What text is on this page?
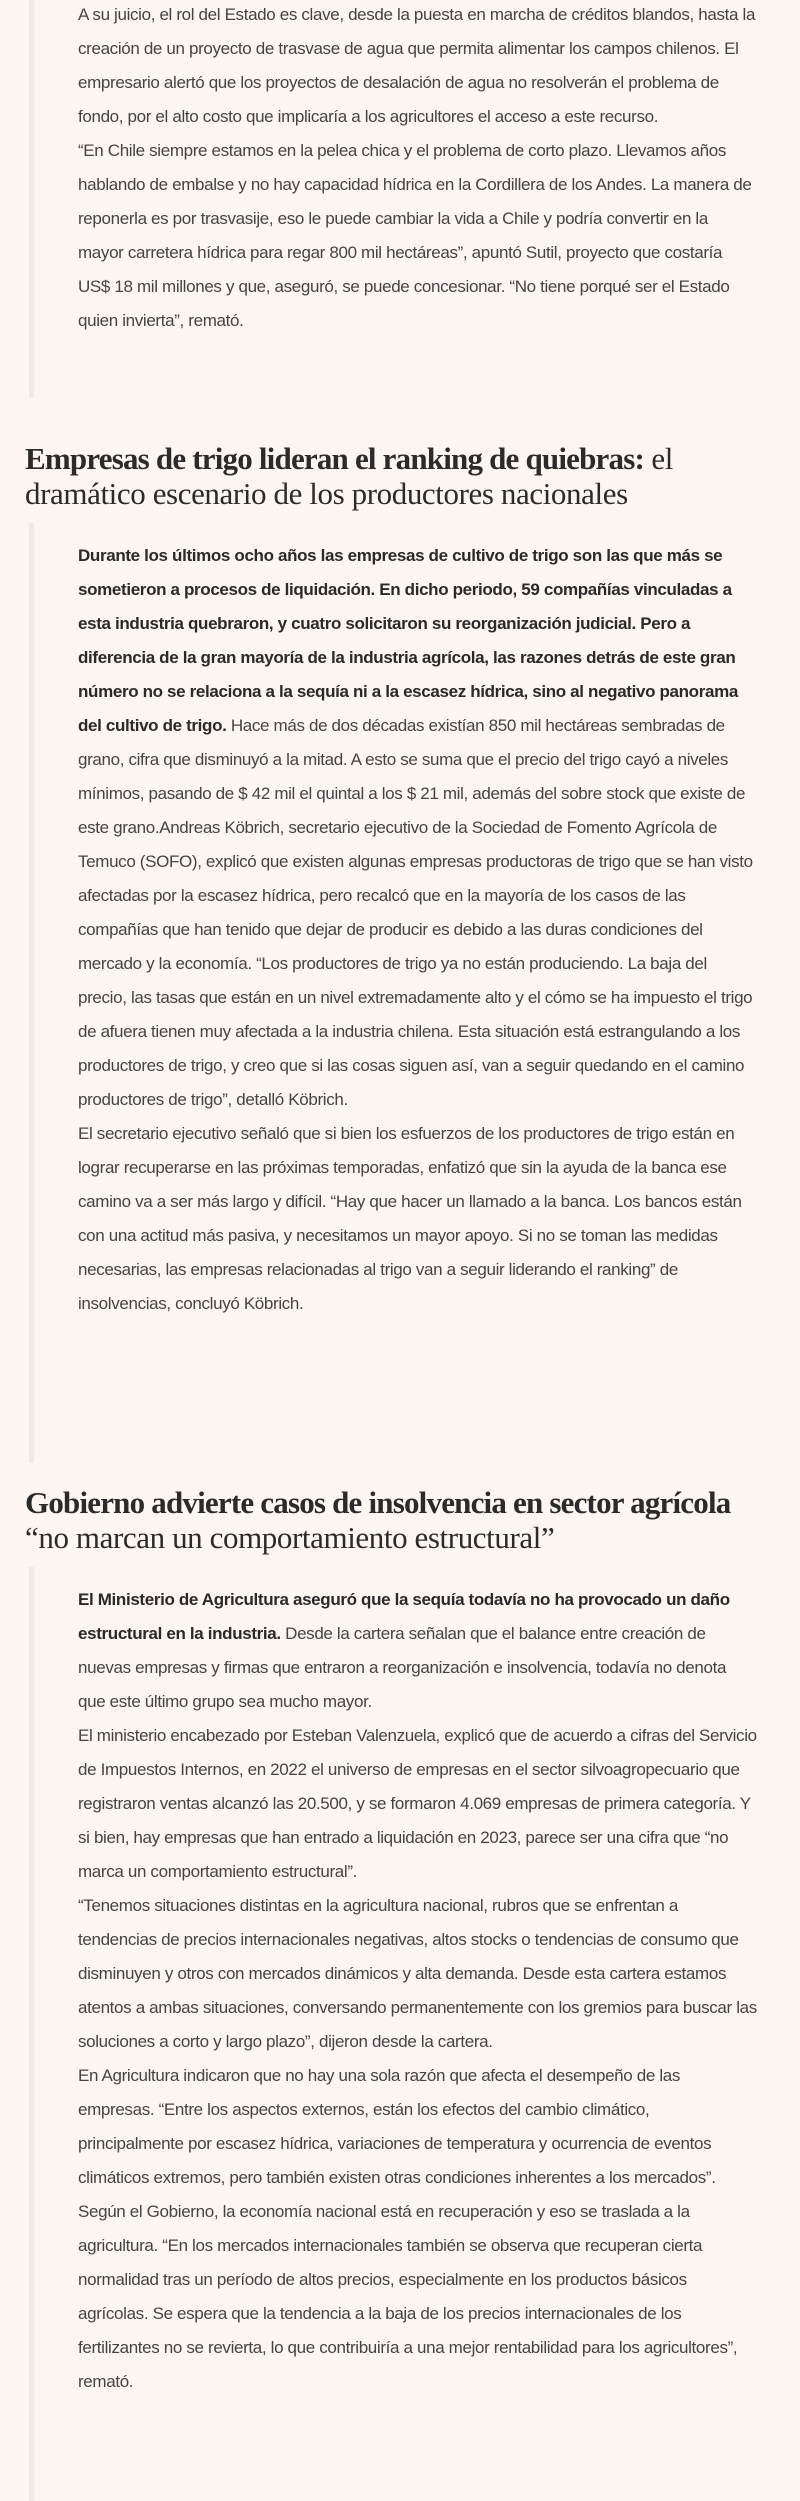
A su juicio, el rol del Estado es clave, desde la puesta en marcha de créditos blandos, hasta la creación de un proyecto de trasvase de agua que permita alimentar los campos chilenos. El empresario alertó que los proyectos de desalación de agua no resolverán el problema de fondo, por el alto costo que implicaría a los agricultores el acceso a este recurso.

“En Chile siempre estamos en la pelea chica y el problema de corto plazo. Llevamos años hablando de embalse y no hay capacidad hídrica en la Cordillera de los Andes. La manera de reponerla es por trasvasije, eso le puede cambiar la vida a Chile y podría convertir en la mayor carretera hídrica para regar 800 mil hectáreas”, apuntó Sutil, proyecto que costaría US$ 18 mil millones y que, aseguró, se puede concesionar. “No tiene porqué ser el Estado quien invierta”, remató.

Empresas de trigo lideran el ranking de quiebras: el dramático escenario de los productores nacionales

Durante los últimos ocho años las empresas de cultivo de trigo son las que más se sometieron a procesos de liquidación. En dicho periodo, 59 compañías vinculadas a esta industria quebraron, y cuatro solicitaron su reorganización judicial. Pero a diferencia de la gran mayoría de la industria agrícola, las razones detrás de este gran número no se relaciona a la sequía ni a la escasez hídrica, sino al negativo panorama del cultivo de trigo. Hace más de dos décadas existían 850 mil hectáreas sembradas de grano, cifra que disminuyó a la mitad. A esto se suma que el precio del trigo cayó a niveles mínimos, pasando de $ 42 mil el quintal a los $ 21 mil, además del sobre stock que existe de este grano.Andreas Köbrich, secretario ejecutivo de la Sociedad de Fomento Agrícola de Temuco (SOFO), explicó que existen algunas empresas productoras de trigo que se han visto afectadas por la escasez hídrica, pero recalcó que en la mayoría de los casos de las compañías que han tenido que dejar de producir es debido a las duras condiciones del mercado y la economía. “Los productores de trigo ya no están produciendo. La baja del precio, las tasas que están en un nivel extremadamente alto y el cómo se ha impuesto el trigo de afuera tienen muy afectada a la industria chilena. Esta situación está estrangulando a los productores de trigo, y creo que si las cosas siguen así, van a seguir quedando en el camino productores de trigo”, detalló Köbrich.

El secretario ejecutivo señaló que si bien los esfuerzos de los productores de trigo están en lograr recuperarse en las próximas temporadas, enfatizó que sin la ayuda de la banca ese camino va a ser más largo y difícil. “Hay que hacer un llamado a la banca. Los bancos están con una actitud más pasiva, y necesitamos un mayor apoyo. Si no se toman las medidas necesarias, las empresas relacionadas al trigo van a seguir liderando el ranking” de insolvencias, concluyó Köbrich.

Gobierno advierte casos de insolvencia en sector agrícola “no marcan un comportamiento estructural”

El Ministerio de Agricultura aseguró que la sequía todavía no ha provocado un daño estructural en la industria. Desde la cartera señalan que el balance entre creación de nuevas empresas y firmas que entraron a reorganización e insolvencia, todavía no denota que este último grupo sea mucho mayor.

El ministerio encabezado por Esteban Valenzuela, explicó que de acuerdo a cifras del Servicio de Impuestos Internos, en 2022 el universo de empresas en el sector silvoagropecuario que registraron ventas alcanzó las 20.500, y se formaron 4.069 empresas de primera categoría. Y si bien, hay empresas que han entrado a liquidación en 2023, parece ser una cifra que “no marca un comportamiento estructural”.

“Tenemos situaciones distintas en la agricultura nacional, rubros que se enfrentan a tendencias de precios internacionales negativas, altos stocks o tendencias de consumo que disminuyen y otros con mercados dinámicos y alta demanda. Desde esta cartera estamos atentos a ambas situaciones, conversando permanentemente con los gremios para buscar las soluciones a corto y largo plazo”, dijeron desde la cartera.

En Agricultura indicaron que no hay una sola razón que afecta el desempeño de las empresas. “Entre los aspectos externos, están los efectos del cambio climático, principalmente por escasez hídrica, variaciones de temperatura y ocurrencia de eventos climáticos extremos, pero también existen otras condiciones inherentes a los mercados”. Según el Gobierno, la economía nacional está en recuperación y eso se traslada a la agricultura. “En los mercados internacionales también se observa que recuperan cierta normalidad tras un período de altos precios, especialmente en los productos básicos agrícolas. Se espera que la tendencia a la baja de los precios internacionales de los fertilizantes no se revierta, lo que contribuiría a una mejor rentabilidad para los agricultores”, remató.
